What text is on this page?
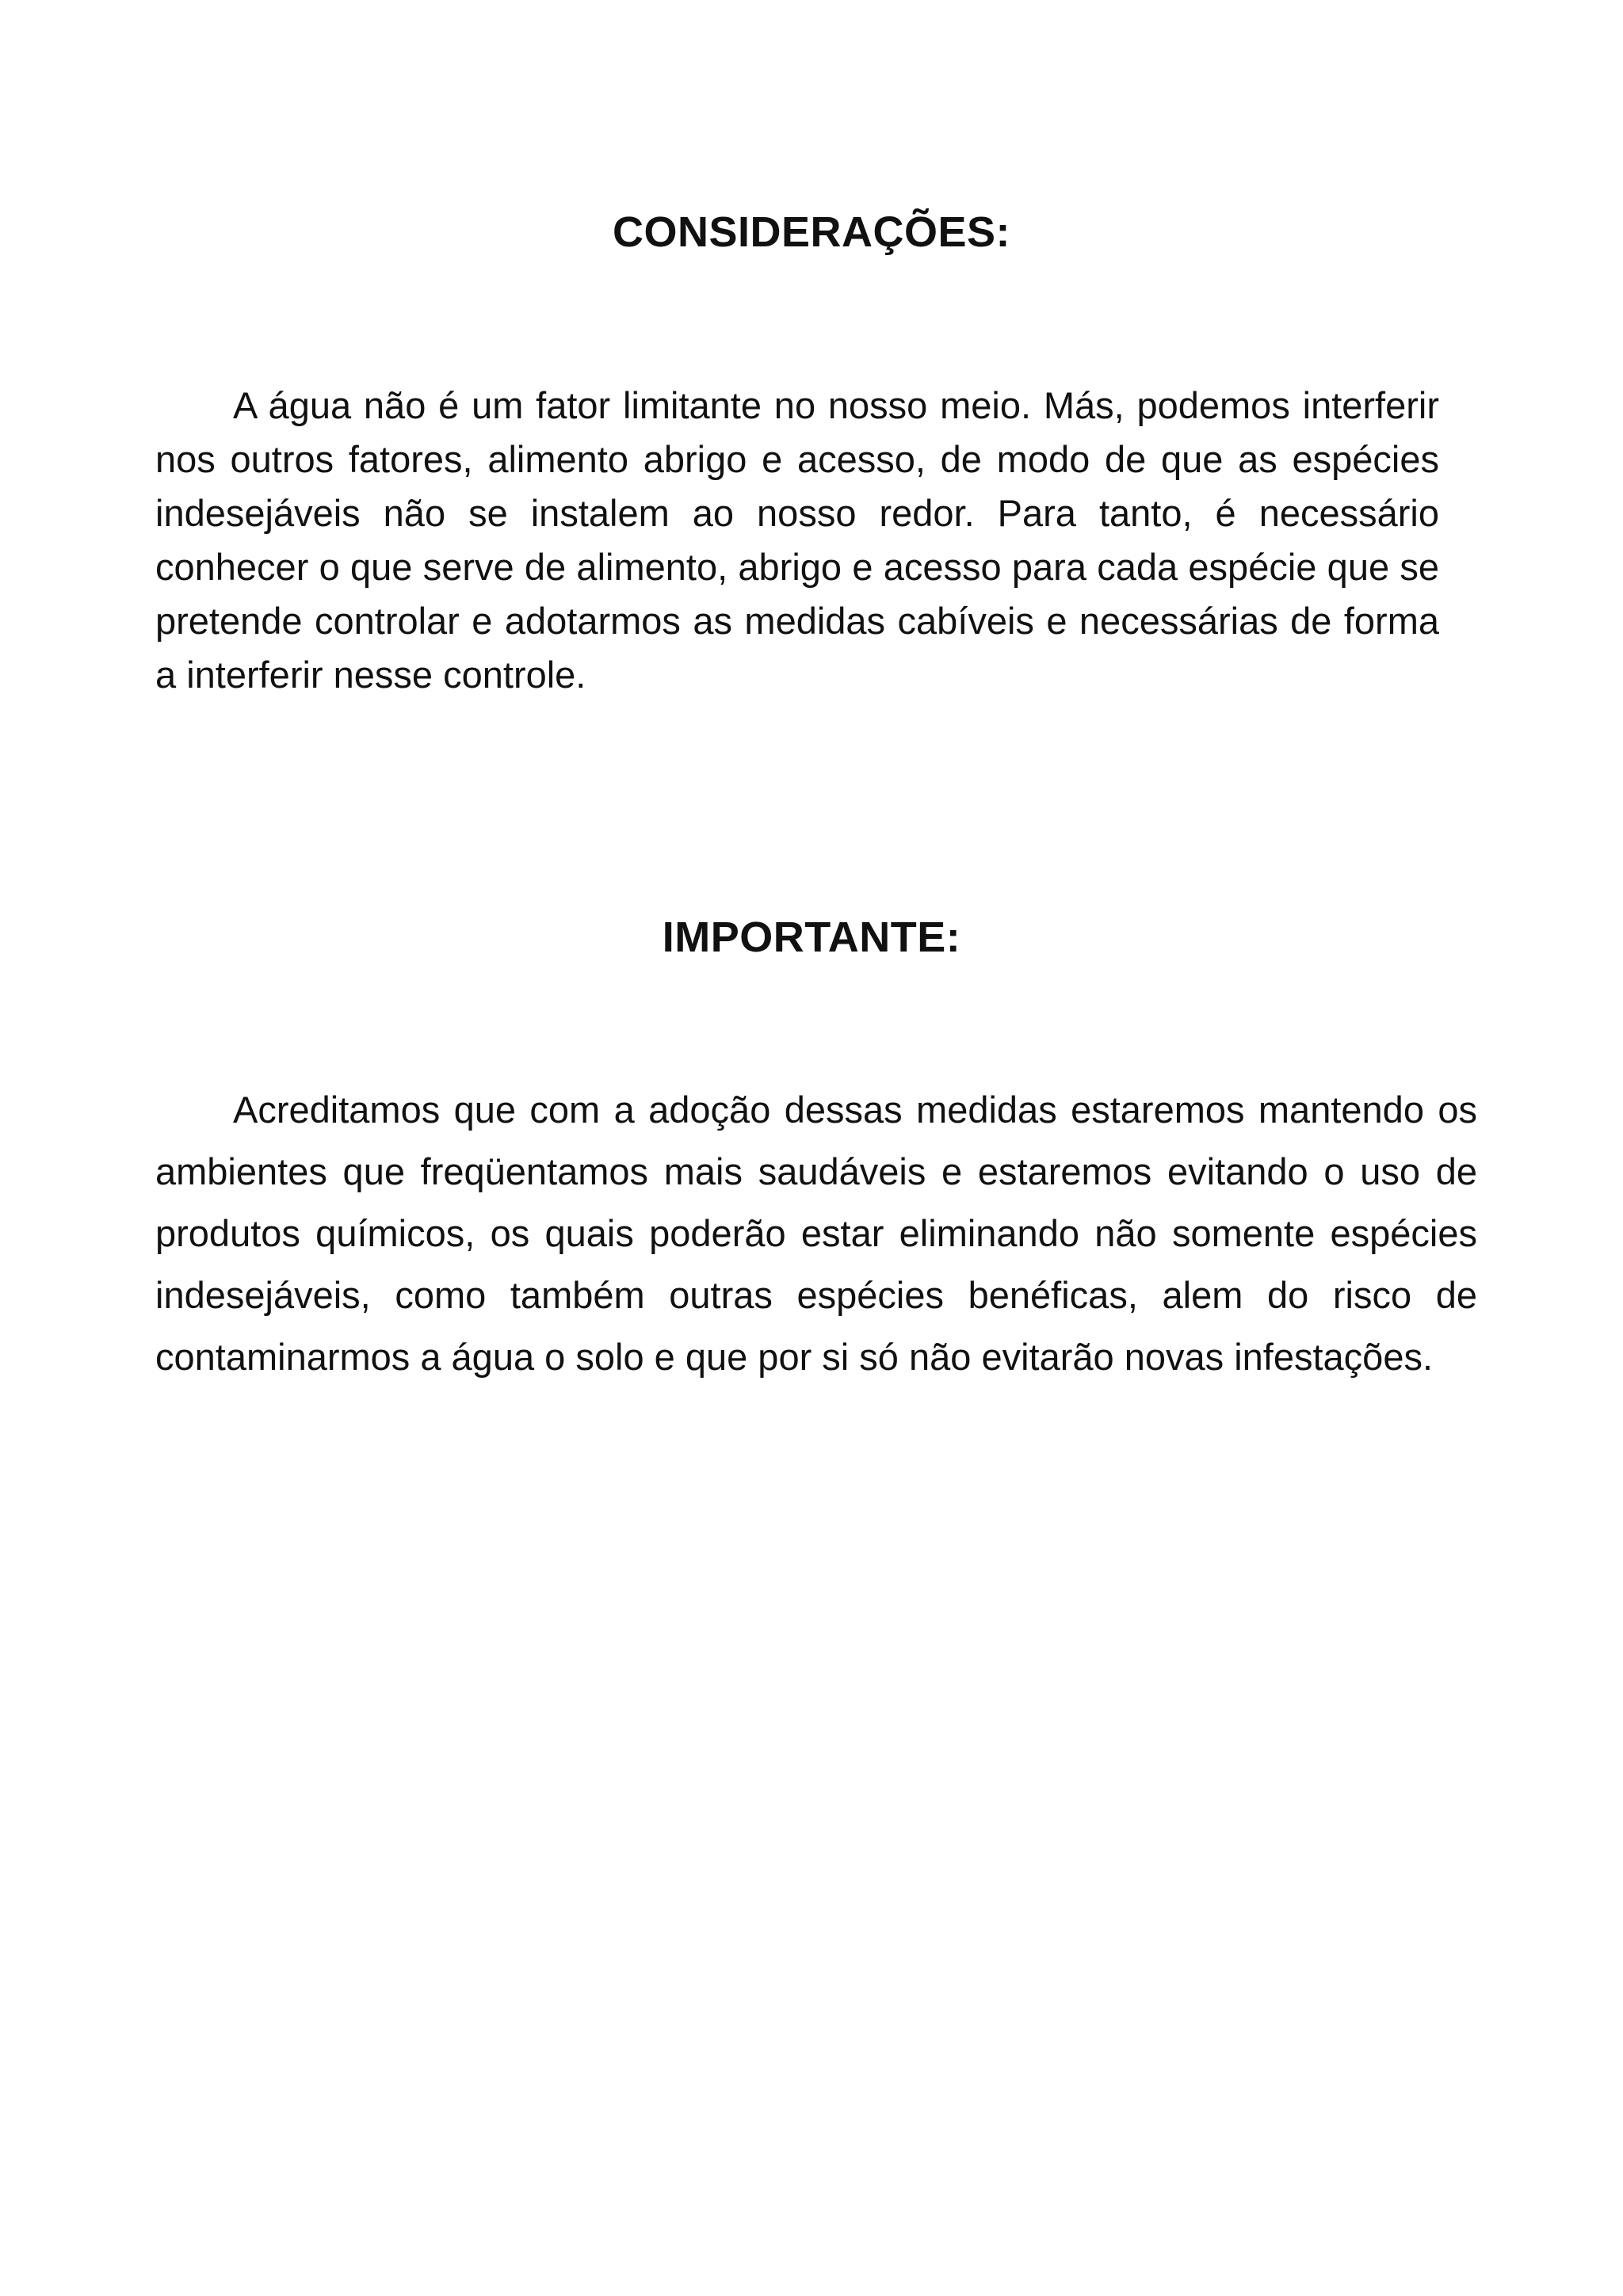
CONSIDERAÇÕES:

A água não é um fator limitante no nosso meio. Más, podemos interferir nos outros fatores, alimento abrigo e acesso, de modo de que as espécies indesejáveis não se instalem ao nosso redor. Para tanto, é necessário conhecer o que serve de alimento, abrigo e acesso para cada espécie que se pretende controlar e adotarmos as medidas cabíveis e necessárias de forma a interferir nesse controle.

IMPORTANTE:

Acreditamos que com a adoção dessas medidas estaremos mantendo os ambientes que freqüentamos mais saudáveis e estaremos evitando o uso de produtos químicos, os quais poderão estar eliminando não somente espécies indesejáveis, como também outras espécies benéficas, alem do risco de contaminarmos a água o solo e que por si só não evitarão novas infestações.
